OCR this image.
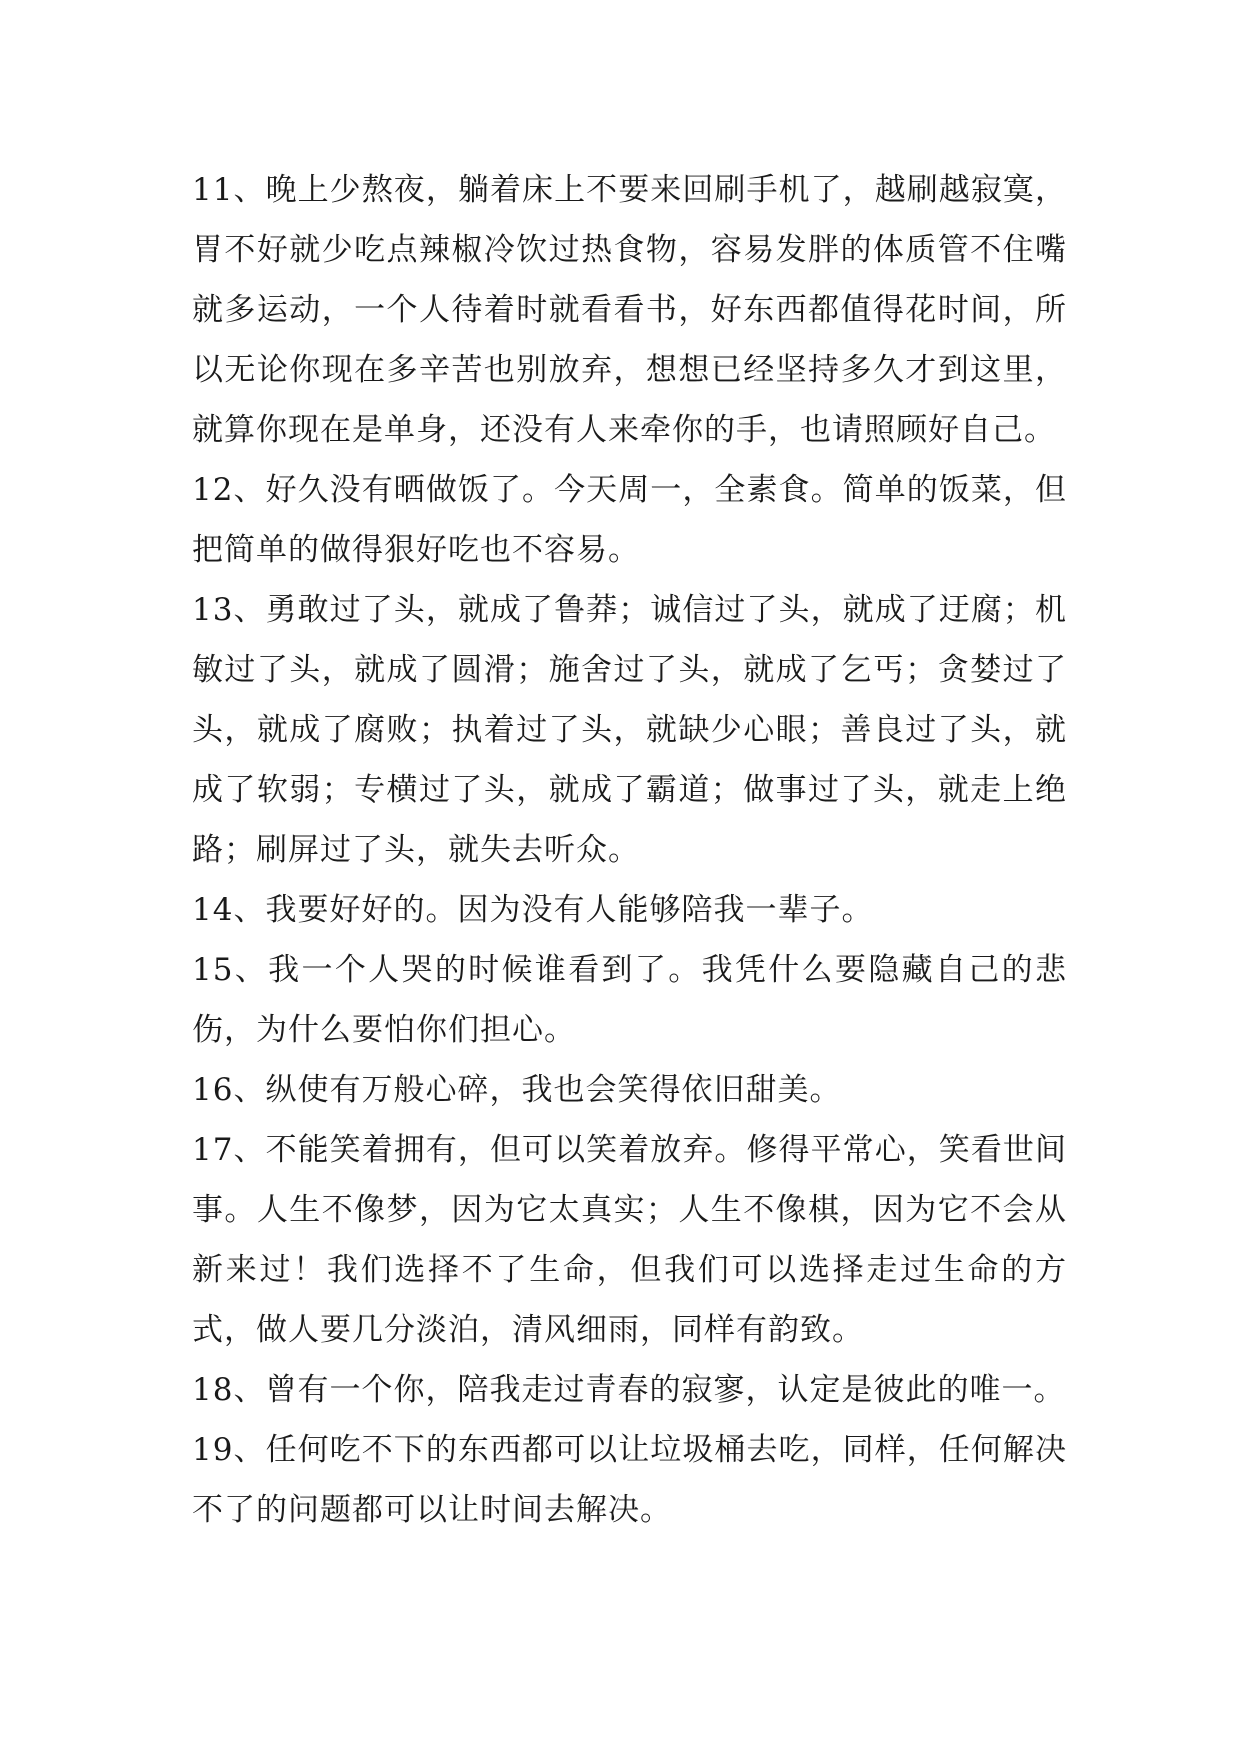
11、晚上少熬夜，躺着床上不要来回刷手机了，越刷越寂寞，胃不好就少吃点辣椒冷饮过热食物，容易发胖的体质管不住嘴就多运动，一个人待着时就看看书，好东西都值得花时间，所以无论你现在多辛苦也别放弃，想想已经坚持多久才到这里，就算你现在是单身，还没有人来牵你的手，也请照顾好自己。

12、好久没有晒做饭了。今天周一，全素食。简单的饭菜，但把简单的做得狠好吃也不容易。

13、勇敢过了头，就成了鲁莽；诚信过了头，就成了迂腐；机敏过了头，就成了圆滑；施舍过了头，就成了乞丐；贪婪过了头，就成了腐败；执着过了头，就缺少心眼；善良过了头，就成了软弱；专横过了头，就成了霸道；做事过了头，就走上绝路；刷屏过了头，就失去听众。

14、我要好好的。因为没有人能够陪我一辈子。

15、我一个人哭的时候谁看到了。我凭什么要隐藏自己的悲伤，为什么要怕你们担心。

16、纵使有万般心碎，我也会笑得依旧甜美。

17、不能笑着拥有，但可以笑着放弃。修得平常心，笑看世间事。人生不像梦，因为它太真实；人生不像棋，因为它不会从新来过！我们选择不了生命，但我们可以选择走过生命的方式，做人要几分淡泊，清风细雨，同样有韵致。

18、曾有一个你，陪我走过青春的寂寥，认定是彼此的唯一。

19、任何吃不下的东西都可以让垃圾桶去吃，同样，任何解决不了的问题都可以让时间去解决。
